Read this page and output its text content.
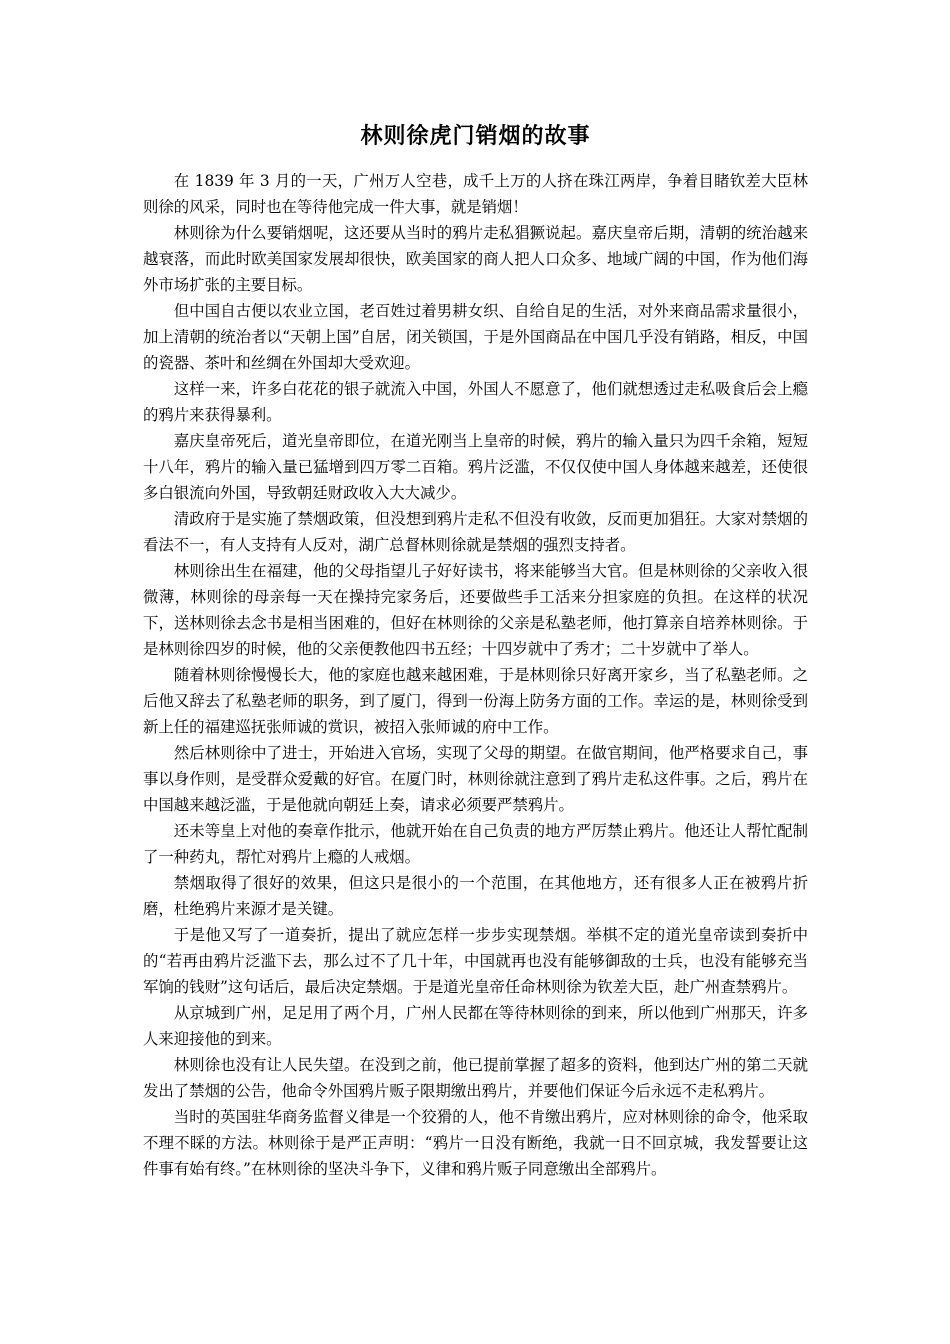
林则徐虎门销烟的故事

在 1839 年 3 月的一天，广州万人空巷，成千上万的人挤在珠江两岸，争着目睹钦差大臣林则徐的风采，同时也在等待他完成一件大事，就是销烟！

林则徐为什么要销烟呢，这还要从当时的鸦片走私猖獗说起。嘉庆皇帝后期，清朝的统治越来越衰落，而此时欧美国家发展却很快，欧美国家的商人把人口众多、地域广阔的中国，作为他们海外市场扩张的主要目标。

但中国自古便以农业立国，老百姓过着男耕女织、自给自足的生活，对外来商品需求量很小，加上清朝的统治者以“天朝上国”自居，闭关锁国，于是外国商品在中国几乎没有销路，相反，中国的瓷器、茶叶和丝绸在外国却大受欢迎。

这样一来，许多白花花的银子就流入中国，外国人不愿意了，他们就想透过走私吸食后会上瘾的鸦片来获得暴利。

嘉庆皇帝死后，道光皇帝即位，在道光刚当上皇帝的时候，鸦片的输入量只为四千余箱，短短十八年，鸦片的输入量已猛增到四万零二百箱。鸦片泛滥，不仅仅使中国人身体越来越差，还使很多白银流向外国，导致朝廷财政收入大大减少。

清政府于是实施了禁烟政策，但没想到鸦片走私不但没有收敛，反而更加猖狂。大家对禁烟的看法不一，有人支持有人反对，湖广总督林则徐就是禁烟的强烈支持者。

林则徐出生在福建，他的父母指望儿子好好读书，将来能够当大官。但是林则徐的父亲收入很微薄，林则徐的母亲每一天在操持完家务后，还要做些手工活来分担家庭的负担。在这样的状况下，送林则徐去念书是相当困难的，但好在林则徐的父亲是私塾老师，他打算亲自培养林则徐。于是林则徐四岁的时候，他的父亲便教他四书五经；十四岁就中了秀才；二十岁就中了举人。

随着林则徐慢慢长大，他的家庭也越来越困难，于是林则徐只好离开家乡，当了私塾老师。之后他又辞去了私塾老师的职务，到了厦门，得到一份海上防务方面的工作。幸运的是，林则徐受到新上任的福建巡抚张师诚的赏识，被招入张师诚的府中工作。

然后林则徐中了进士，开始进入官场，实现了父母的期望。在做官期间，他严格要求自己，事事以身作则，是受群众爱戴的好官。在厦门时，林则徐就注意到了鸦片走私这件事。之后，鸦片在中国越来越泛滥，于是他就向朝廷上奏，请求必须要严禁鸦片。

还未等皇上对他的奏章作批示，他就开始在自己负责的地方严厉禁止鸦片。他还让人帮忙配制了一种药丸，帮忙对鸦片上瘾的人戒烟。

禁烟取得了很好的效果，但这只是很小的一个范围，在其他地方，还有很多人正在被鸦片折磨，杜绝鸦片来源才是关键。

于是他又写了一道奏折，提出了就应怎样一步步实现禁烟。举棋不定的道光皇帝读到奏折中的“若再由鸦片泛滥下去，那么过不了几十年，中国就再也没有能够御敌的士兵，也没有能够充当军饷的钱财”这句话后，最后决定禁烟。于是道光皇帝任命林则徐为钦差大臣，赴广州查禁鸦片。

从京城到广州，足足用了两个月，广州人民都在等待林则徐的到来，所以他到广州那天，许多人来迎接他的到来。

林则徐也没有让人民失望。在没到之前，他已提前掌握了超多的资料，他到达广州的第二天就发出了禁烟的公告，他命令外国鸦片贩子限期缴出鸦片，并要他们保证今后永远不走私鸦片。

当时的英国驻华商务监督义律是一个狡猾的人，他不肯缴出鸦片，应对林则徐的命令，他采取不理不睬的方法。林则徐于是严正声明：“鸦片一日没有断绝，我就一日不回京城，我发誓要让这件事有始有终。”在林则徐的坚决斗争下，义律和鸦片贩子同意缴出全部鸦片。
